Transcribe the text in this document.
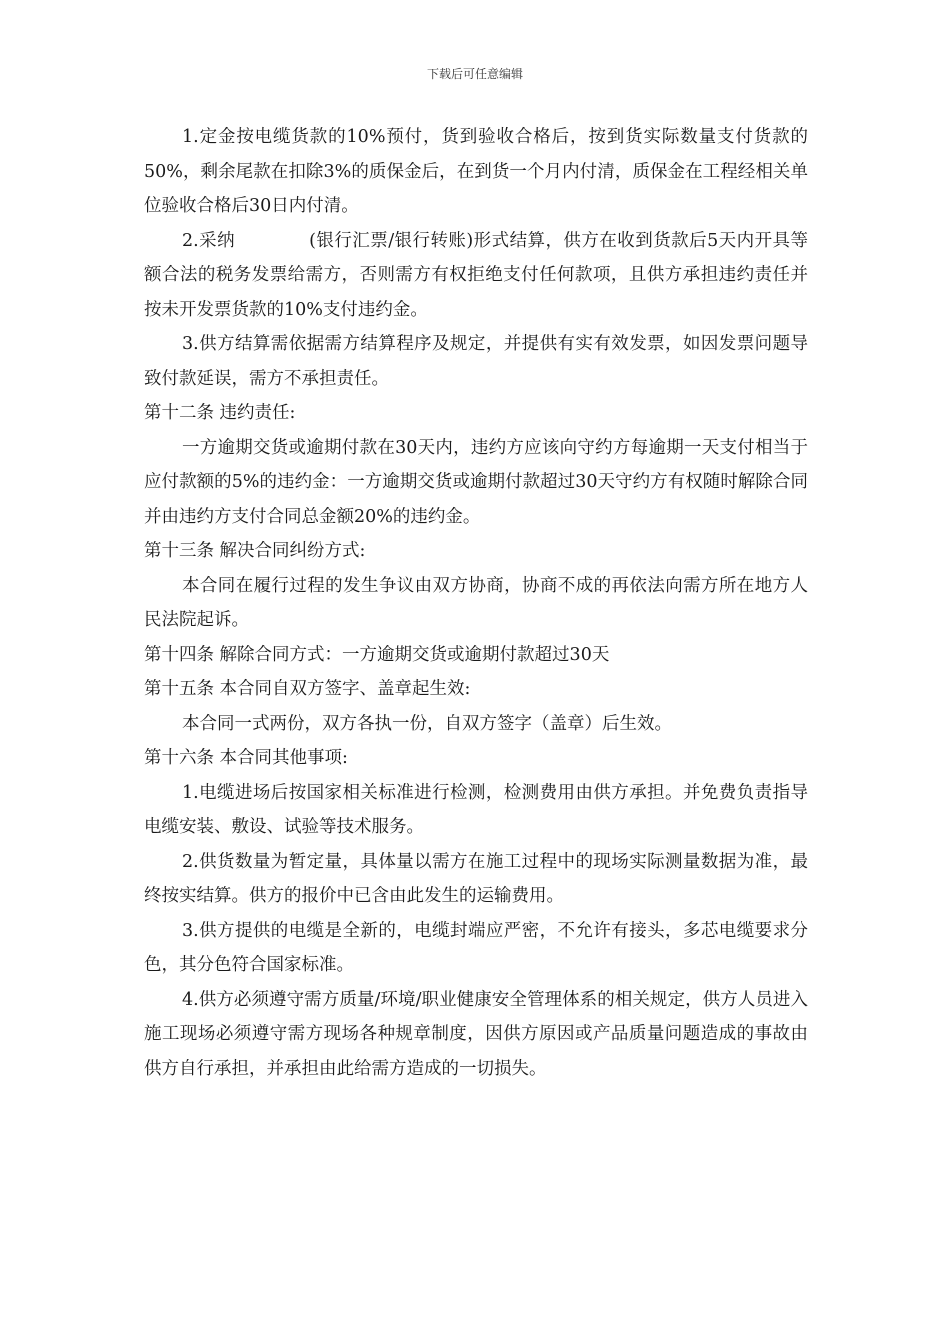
下载后可任意编辑

1.定金按电缆货款的10%预付，货到验收合格后，按到货实际数量支付货款的50%，剩余尾款在扣除3%的质保金后，在到货一个月内付清，质保金在工程经相关单位验收合格后30日内付清。

2.采纳	(银行汇票/银行转账)形式结算，供方在收到货款后5天内开具等额合法的税务发票给需方，否则需方有权拒绝支付任何款项，且供方承担违约责任并按未开发票货款的10%支付违约金。

3.供方结算需依据需方结算程序及规定，并提供有实有效发票，如因发票问题导致付款延误，需方不承担责任。

第十二条 违约责任:

一方逾期交货或逾期付款在30天内，违约方应该向守约方每逾期一天支付相当于应付款额的5%的违约金：一方逾期交货或逾期付款超过30天守约方有权随时解除合同并由违约方支付合同总金额20%的违约金。

第十三条 解决合同纠纷方式:

本合同在履行过程的发生争议由双方协商，协商不成的再依法向需方所在地方人民法院起诉。

第十四条 解除合同方式：一方逾期交货或逾期付款超过30天

第十五条 本合同自双方签字、盖章起生效:

本合同一式两份，双方各执一份，自双方签字（盖章）后生效。

第十六条 本合同其他事项:

1.电缆进场后按国家相关标准进行检测，检测费用由供方承担。并免费负责指导电缆安装、敷设、试验等技术服务。

2.供货数量为暂定量，具体量以需方在施工过程中的现场实际测量数据为准，最终按实结算。供方的报价中已含由此发生的运输费用。

3.供方提供的电缆是全新的，电缆封端应严密，不允许有接头，多芯电缆要求分色，其分色符合国家标准。

4.供方必须遵守需方质量/环境/职业健康安全管理体系的相关规定，供方人员进入施工现场必须遵守需方现场各种规章制度，因供方原因或产品质量问题造成的事故由供方自行承担，并承担由此给需方造成的一切损失。
